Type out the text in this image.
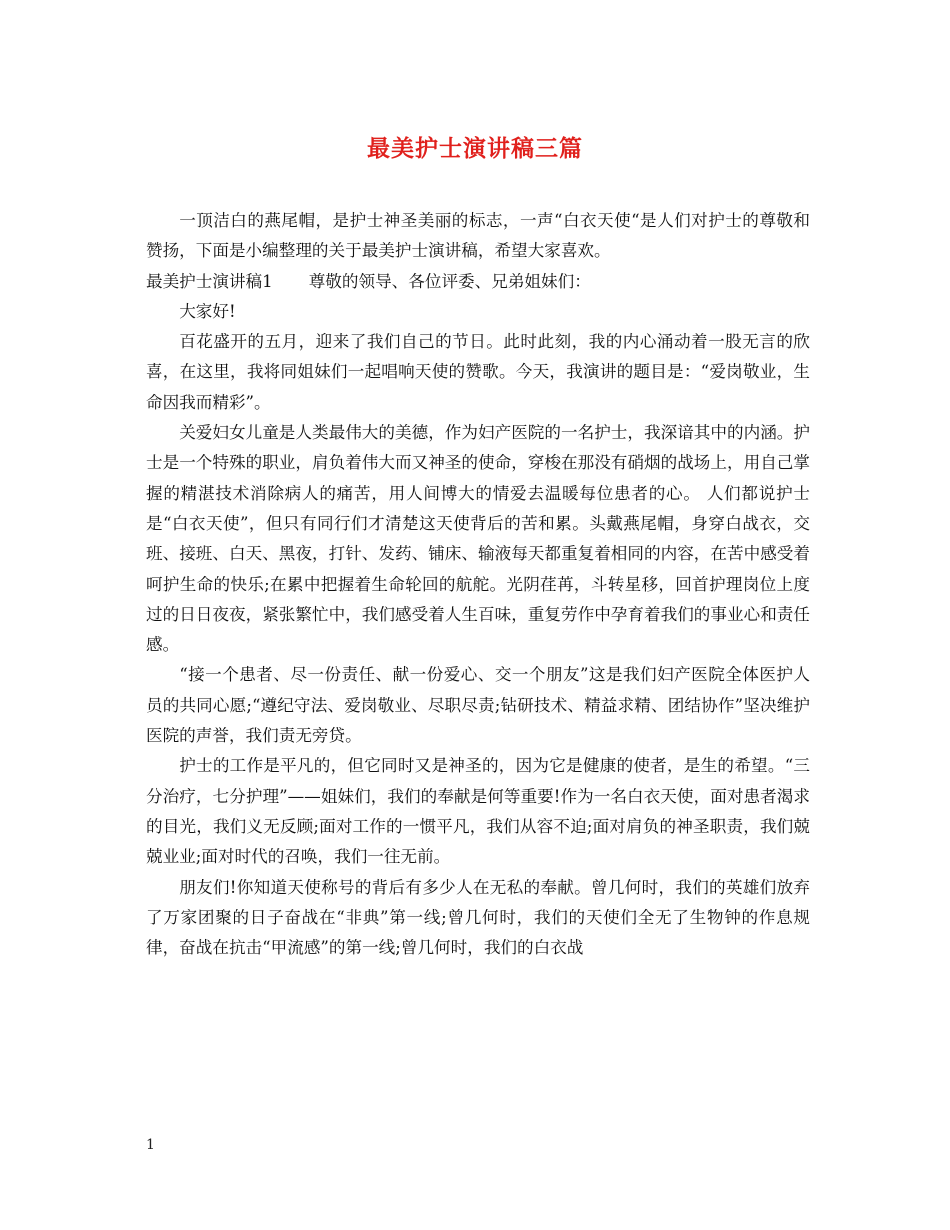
最美护士演讲稿三篇

一顶洁白的燕尾帽，是护士神圣美丽的标志，一声“白衣天使“是人们对护士的尊敬和赞扬，下面是小编整理的关于最美护士演讲稿，希望大家喜欢。

最美护士演讲稿1 尊敬的领导、各位评委、兄弟姐妹们：

大家好!

百花盛开的五月，迎来了我们自己的节日。此时此刻，我的内心涌动着一股无言的欣喜，在这里，我将同姐妹们一起唱响天使的赞歌。今天，我演讲的题目是：“爱岗敬业，生命因我而精彩”。

关爱妇女儿童是人类最伟大的美德，作为妇产医院的一名护士，我深谙其中的内涵。护士是一个特殊的职业，肩负着伟大而又神圣的使命，穿梭在那没有硝烟的战场上，用自己掌握的精湛技术消除病人的痛苦，用人间博大的情爱去温暖每位患者的心。 人们都说护士是“白衣天使”，但只有同行们才清楚这天使背后的苦和累。头戴燕尾帽，身穿白战衣，交班、接班、白天、黑夜，打针、发药、铺床、输液每天都重复着相同的内容，在苦中感受着呵护生命的快乐;在累中把握着生命轮回的航舵。光阴荏苒，斗转星移，回首护理岗位上度过的日日夜夜，紧张繁忙中，我们感受着人生百味，重复劳作中孕育着我们的事业心和责任感。

“接一个患者、尽一份责任、献一份爱心、交一个朋友”这是我们妇产医院全体医护人员的共同心愿;“遵纪守法、爱岗敬业、尽职尽责;钻研技术、精益求精、团结协作”坚决维护医院的声誉，我们责无旁贷。

护士的工作是平凡的，但它同时又是神圣的，因为它是健康的使者，是生的希望。“三分治疗，七分护理”——姐妹们，我们的奉献是何等重要!作为一名白衣天使，面对患者渴求的目光，我们义无反顾;面对工作的一惯平凡，我们从容不迫;面对肩负的神圣职责，我们兢兢业业;面对时代的召唤，我们一往无前。

朋友们!你知道天使称号的背后有多少人在无私的奉献。曾几何时，我们的英雄们放弃了万家团聚的日子奋战在“非典”第一线;曾几何时，我们的天使们全无了生物钟的作息规律，奋战在抗击“甲流感”的第一线;曾几何时，我们的白衣战

1
